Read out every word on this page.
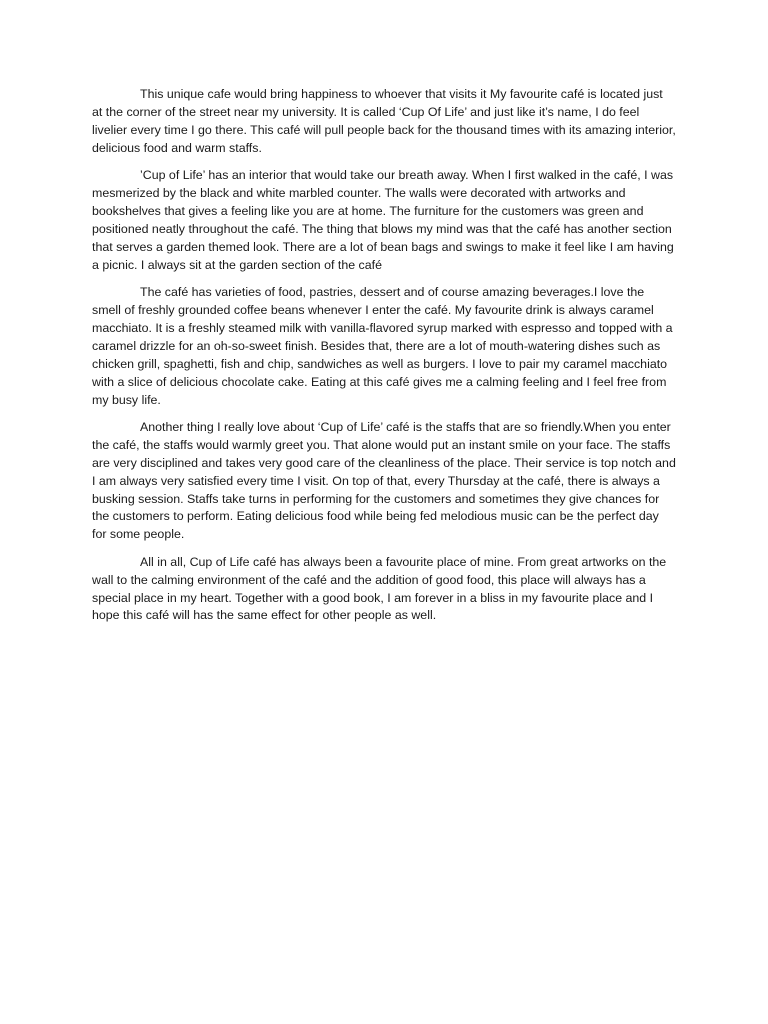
This unique cafe would bring happiness to whoever that visits it My favourite café is located just at the corner of the street near my university. It is called ‘Cup Of Life’ and just like it’s name, I do feel livelier every time I go there. This café will pull people back for the thousand times with its amazing interior, delicious food and warm staffs.

’Cup of Life’ has an interior that would take our breath away. When I first walked in the café, I was mesmerized by the black and white marbled counter. The walls were decorated with artworks and bookshelves that gives a feeling like you are at home. The furniture for the customers was green and positioned neatly throughout the café. The thing that blows my mind was that the café has another section that serves a garden themed look. There are a lot of bean bags and swings to make it feel like I am having a picnic. I always sit at the garden section of the café

The café has varieties of food, pastries, dessert and of course amazing beverages.I love the smell of freshly grounded coffee beans whenever I enter the café. My favourite drink is always caramel macchiato. It is a freshly steamed milk with vanilla-flavored syrup marked with espresso and topped with a caramel drizzle for an oh-so-sweet finish. Besides that, there are a lot of mouth-watering dishes such as chicken grill, spaghetti, fish and chip, sandwiches as well as burgers. I love to pair my caramel macchiato with a slice of delicious chocolate cake. Eating at this café gives me a calming feeling and I feel free from my busy life.

Another thing I really love about ‘Cup of Life’ café is the staffs that are so friendly.When you enter the café, the staffs would warmly greet you. That alone would put an instant smile on your face. The staffs are very disciplined and takes very good care of the cleanliness of the place. Their service is top notch and I am always very satisfied every time I visit. On top of that, every Thursday at the café, there is always a busking session. Staffs take turns in performing for the customers and sometimes they give chances for the customers to perform. Eating delicious food while being fed melodious music can be the perfect day for some people.

All in all, Cup of Life café has always been a favourite place of mine. From great artworks on the wall to the calming environment of the café and the addition of good food, this place will always has a special place in my heart. Together with a good book, I am forever in a bliss in my favourite place and I hope this café will has the same effect for other people as well.
